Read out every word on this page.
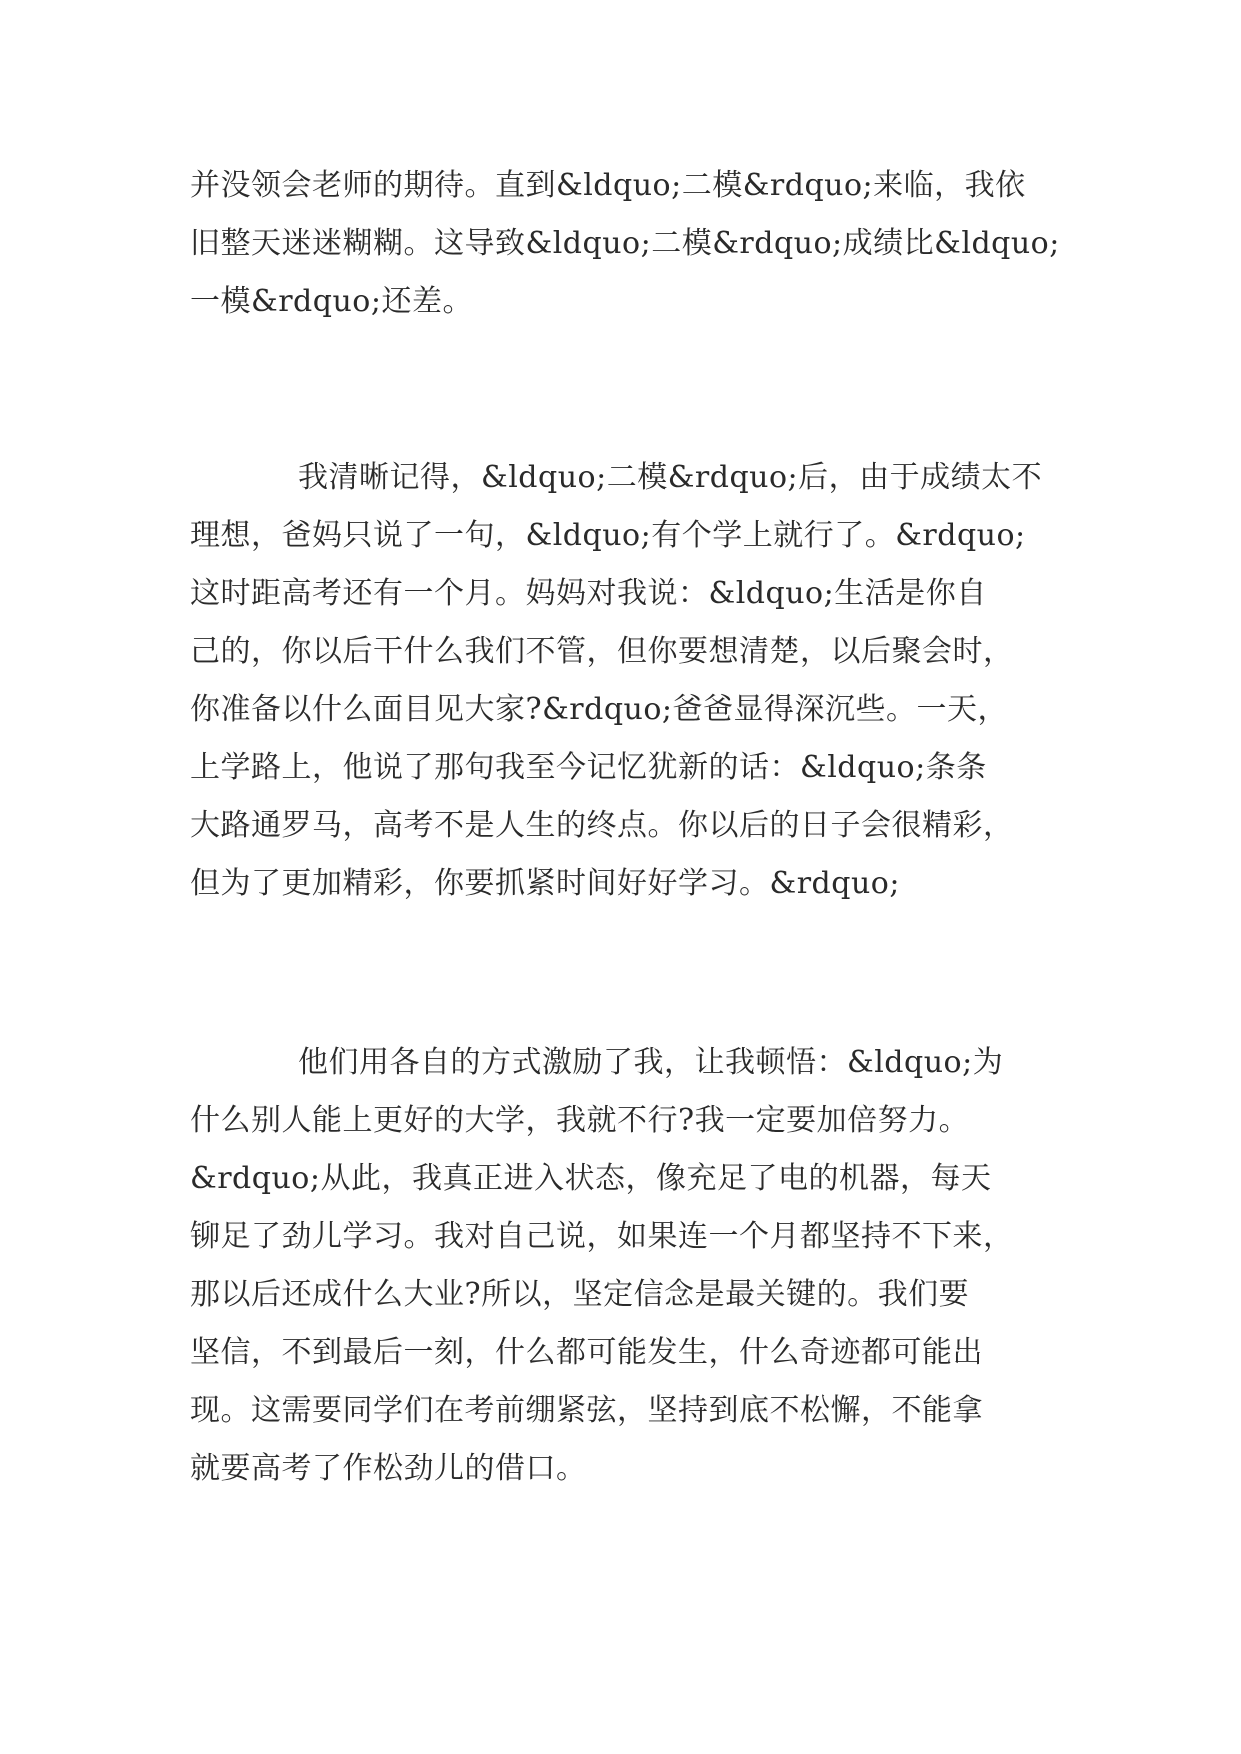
并没领会老师的期待。直到&ldquo;二模&rdquo;来临，我依
旧整天迷迷糊糊。这导致&ldquo;二模&rdquo;成绩比&ldquo;
一模&rdquo;还差。
我清晰记得，&ldquo;二模&rdquo;后，由于成绩太不
理想，爸妈只说了一句，&ldquo;有个学上就行了。&rdquo;
这时距高考还有一个月。妈妈对我说：&ldquo;生活是你自
己的，你以后干什么我们不管，但你要想清楚，以后聚会时，
你准备以什么面目见大家?&rdquo;爸爸显得深沉些。一天，
上学路上，他说了那句我至今记忆犹新的话：&ldquo;条条
大路通罗马，高考不是人生的终点。你以后的日子会很精彩，
但为了更加精彩，你要抓紧时间好好学习。&rdquo;
他们用各自的方式激励了我，让我顿悟：&ldquo;为
什么别人能上更好的大学，我就不行?我一定要加倍努力。
&rdquo;从此，我真正进入状态，像充足了电的机器，每天
铆足了劲儿学习。我对自己说，如果连一个月都坚持不下来，
那以后还成什么大业?所以，坚定信念是最关键的。我们要
坚信，不到最后一刻，什么都可能发生，什么奇迹都可能出
现。这需要同学们在考前绷紧弦，坚持到底不松懈，不能拿
就要高考了作松劲儿的借口。
